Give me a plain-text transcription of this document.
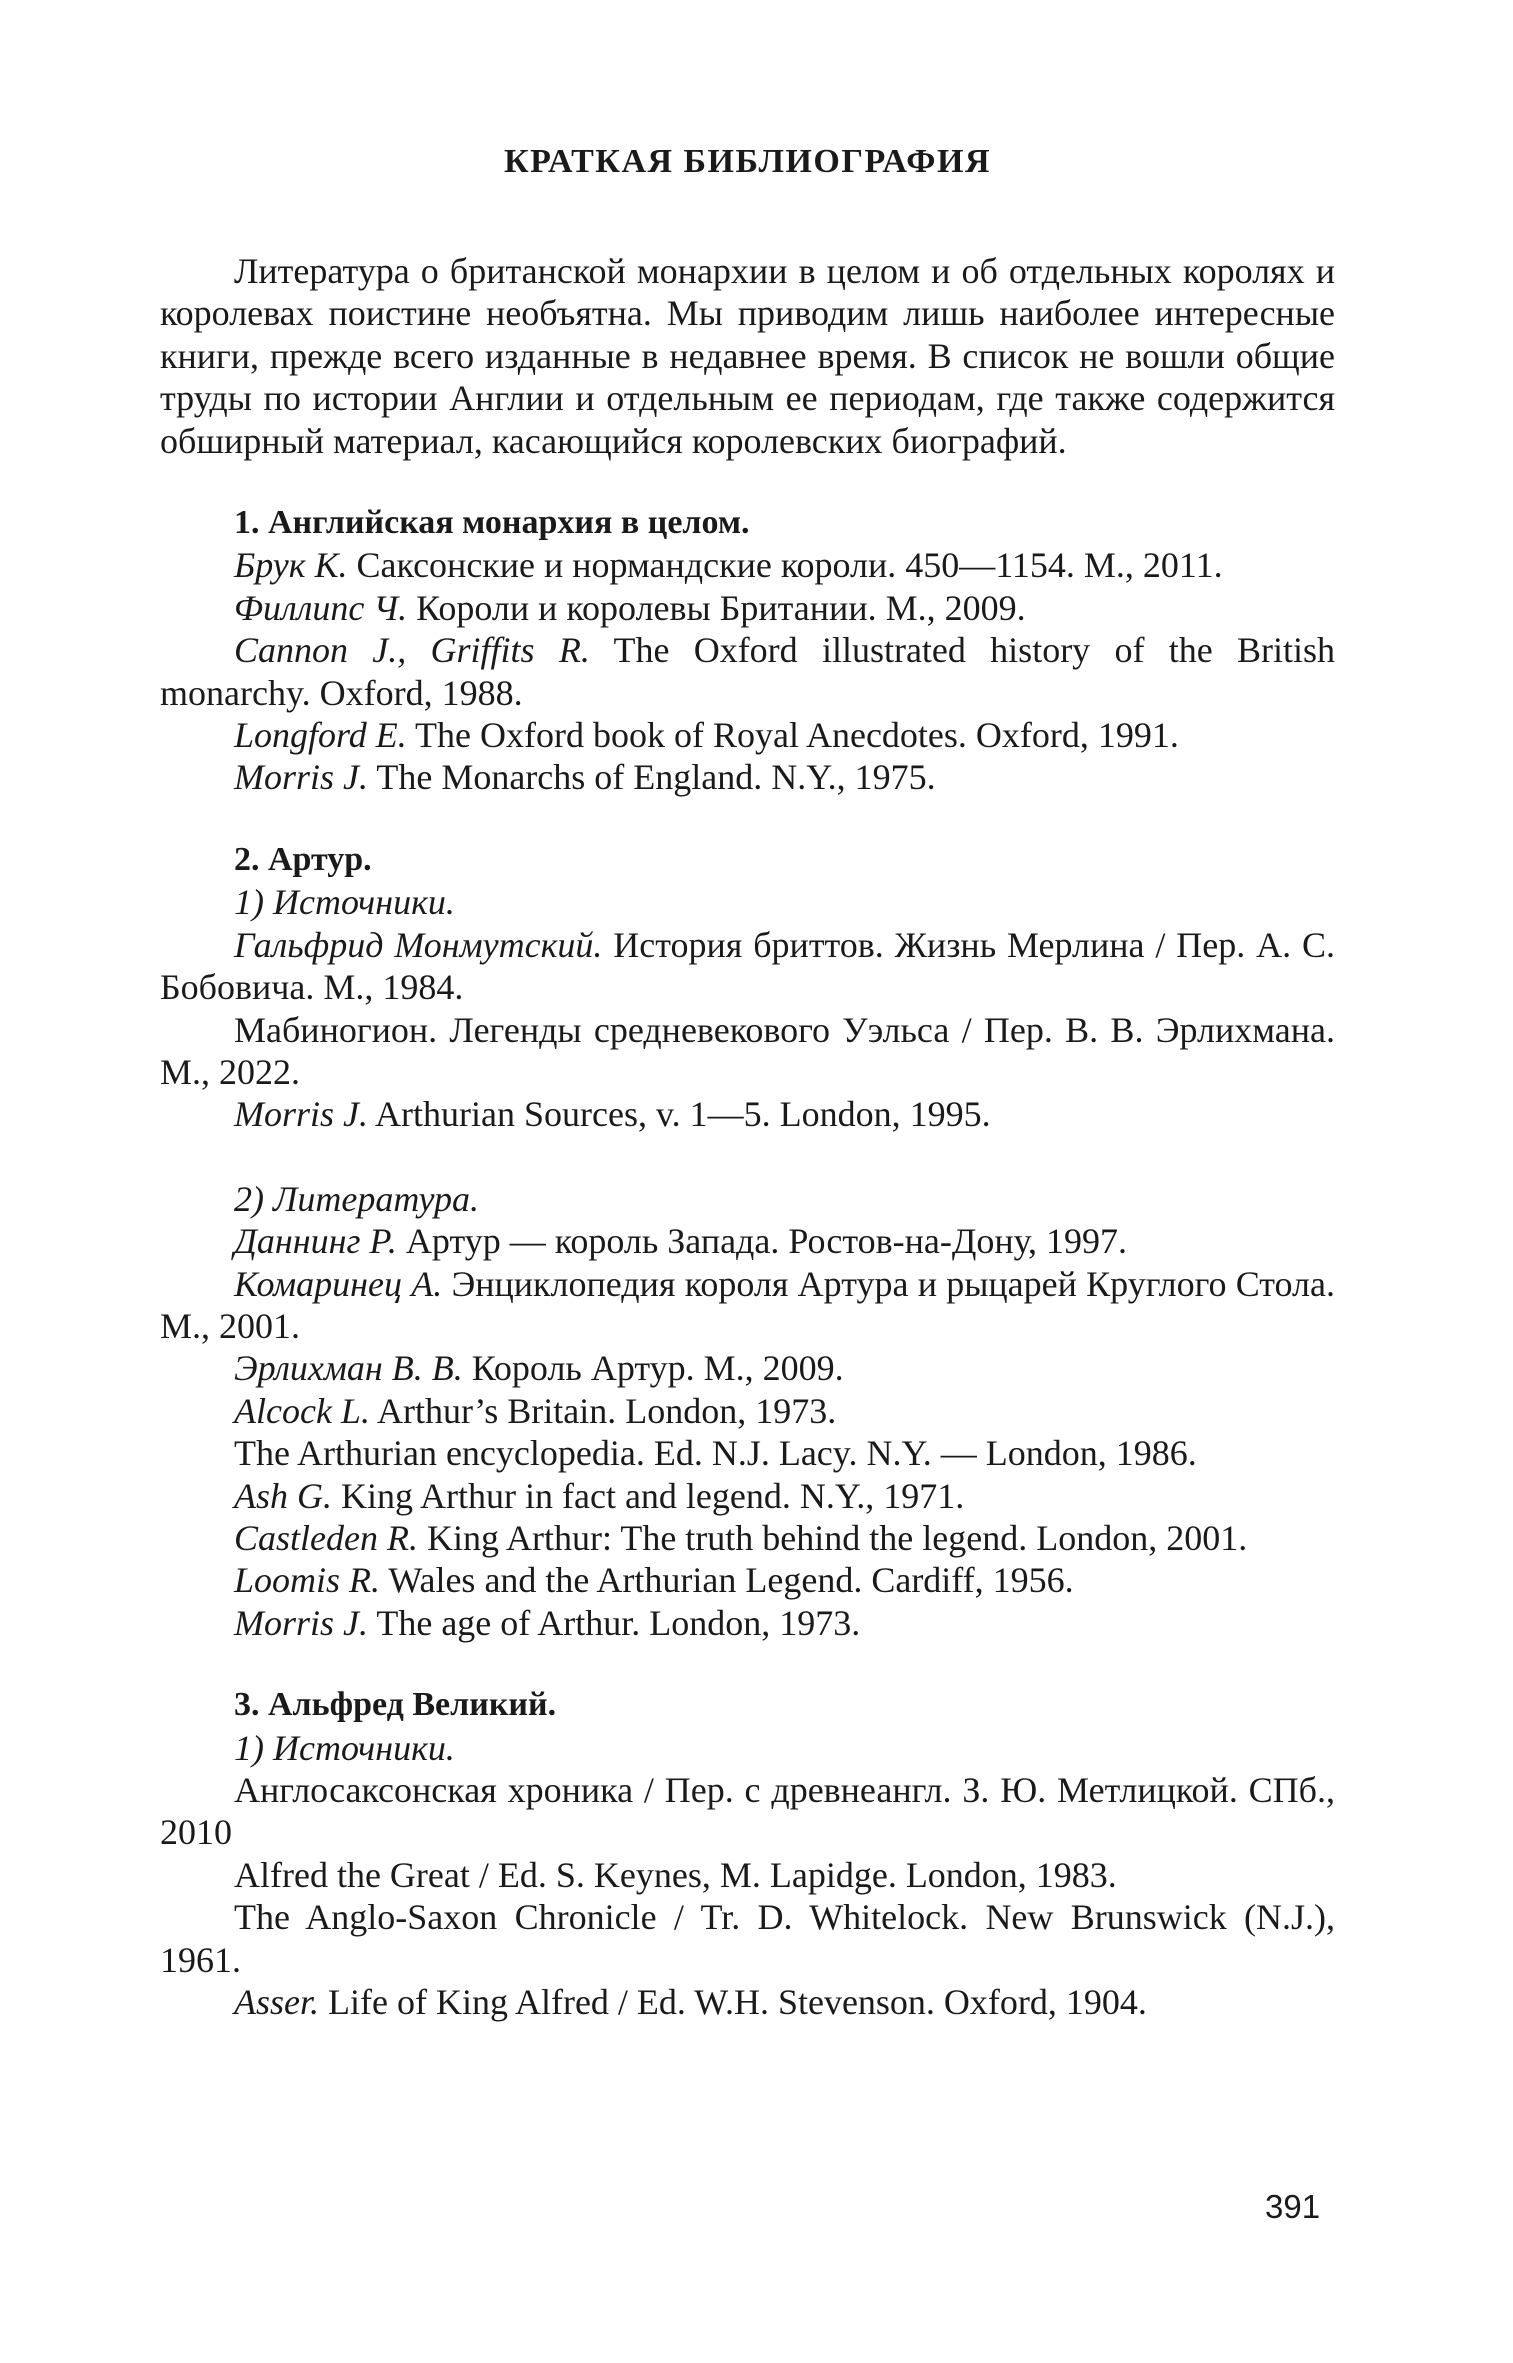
КРАТКАЯ БИБЛИОГРАФИЯ

Литература о британской монархии в целом и об отдельных королях и королевах поистине необъятна. Мы приводим лишь наиболее интересные книги, прежде всего изданные в недавнее время. В список не вошли общие труды по истории Англии и отдельным ее периодам, где также содержится обширный материал, касающийся королевских биографий.

1. Английская монархия в целом.
Брук К. Саксонские и нормандские короли. 450—1154. М., 2011.
Филлипс Ч. Короли и королевы Британии. М., 2009.
Cannon J., Griffits R. The Oxford illustrated history of the British monarchy. Oxford, 1988.
Longford E. The Oxford book of Royal Anecdotes. Oxford, 1991.
Morris J. The Monarchs of England. N.Y., 1975.
2. Артур.
1) Источники.
Гальфрид Монмутский. История бриттов. Жизнь Мерлина / Пер. А. С. Бобовича. М., 1984.
Мабиногион. Легенды средневекового Уэльса / Пер. В. В. Эрлихмана. М., 2022.
Morris J. Arthurian Sources, v. 1—5. London, 1995.
2) Литература.
Даннинг Р. Артур — король Запада. Ростов-на-Дону, 1997.
Комаринец А. Энциклопедия короля Артура и рыцарей Круглого Стола. М., 2001.
Эрлихман В. В. Король Артур. М., 2009.
Alcock L. Arthur’s Britain. London, 1973.
The Arthurian encyclopedia. Ed. N.J. Lacy. N.Y. — London, 1986.
Ash G. King Arthur in fact and legend. N.Y., 1971.
Castleden R. King Arthur: The truth behind the legend. London, 2001.
Loomis R. Wales and the Arthurian Legend. Cardiff, 1956.
Morris J. The age of Arthur. London, 1973.
3. Альфред Великий.
1) Источники.
Англосаксонская хроника / Пер. с древнеангл. З. Ю. Метлицкой. СПб., 2010
Alfred the Great / Ed. S. Keynes, M. Lapidge. London, 1983.
The Anglo-Saxon Chronicle / Tr. D. Whitelock. New Brunswick (N.J.), 1961.
Asser. Life of King Alfred / Ed. W.H. Stevenson. Oxford, 1904.
391
